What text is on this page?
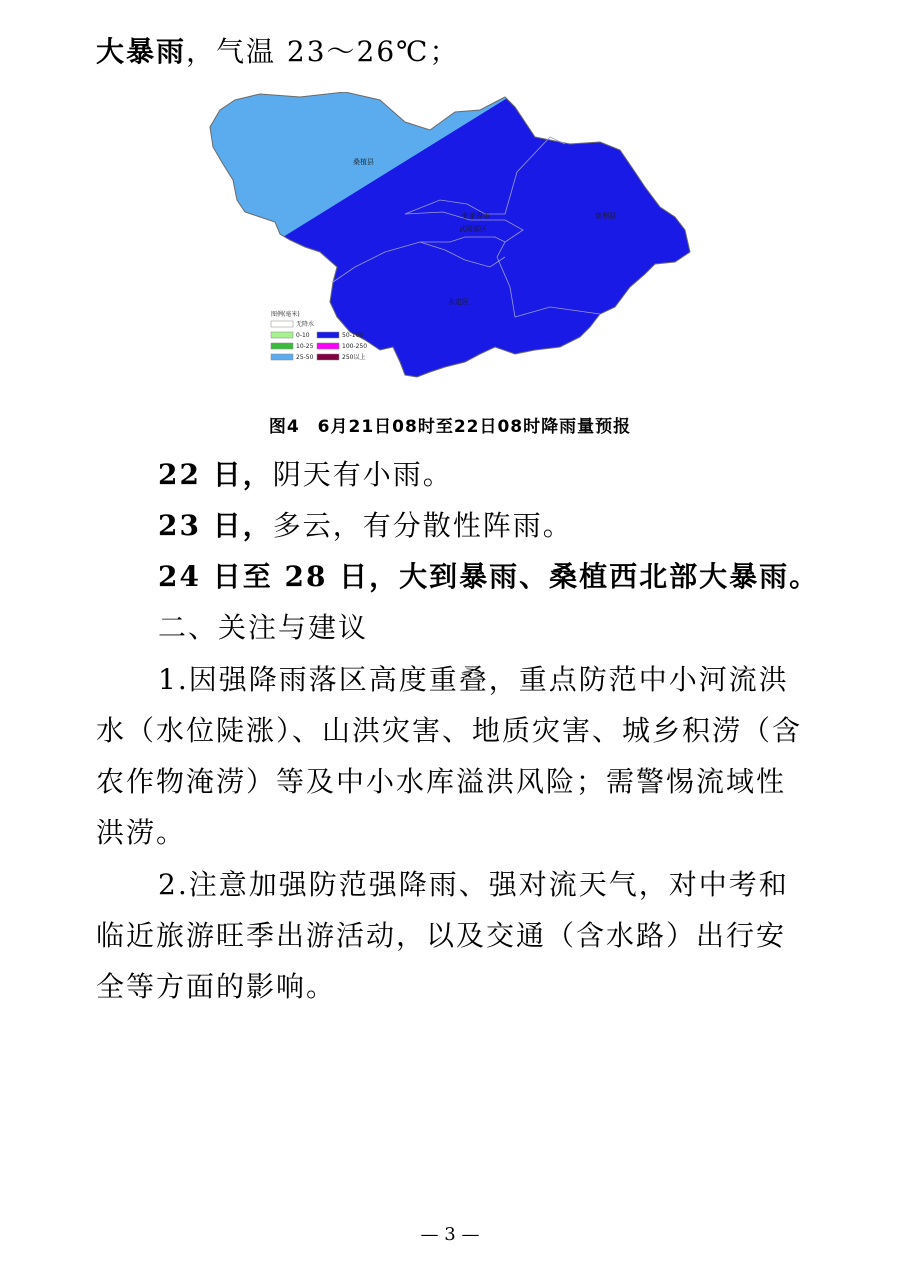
大暴雨，气温 23～26℃；
桑植县
张家界市
武陵源区
慈利县
永定区
图例(毫米)
无降水
0-10
10-25
25-50
50-100
100-250
250以上
图4　6月21日08时至22日08时降雨量预报
22 日，阴天有小雨。
23 日，多云，有分散性阵雨。
24 日至 28 日，大到暴雨、桑植西北部大暴雨。
二、关注与建议
1.因强降雨落区高度重叠，重点防范中小河流洪
水（水位陡涨）、山洪灾害、地质灾害、城乡积涝（含
农作物淹涝）等及中小水库溢洪风险；需警惕流域性
洪涝。
2.注意加强防范强降雨、强对流天气，对中考和
临近旅游旺季出游活动，以及交通（含水路）出行安
全等方面的影响。
— 3 —
